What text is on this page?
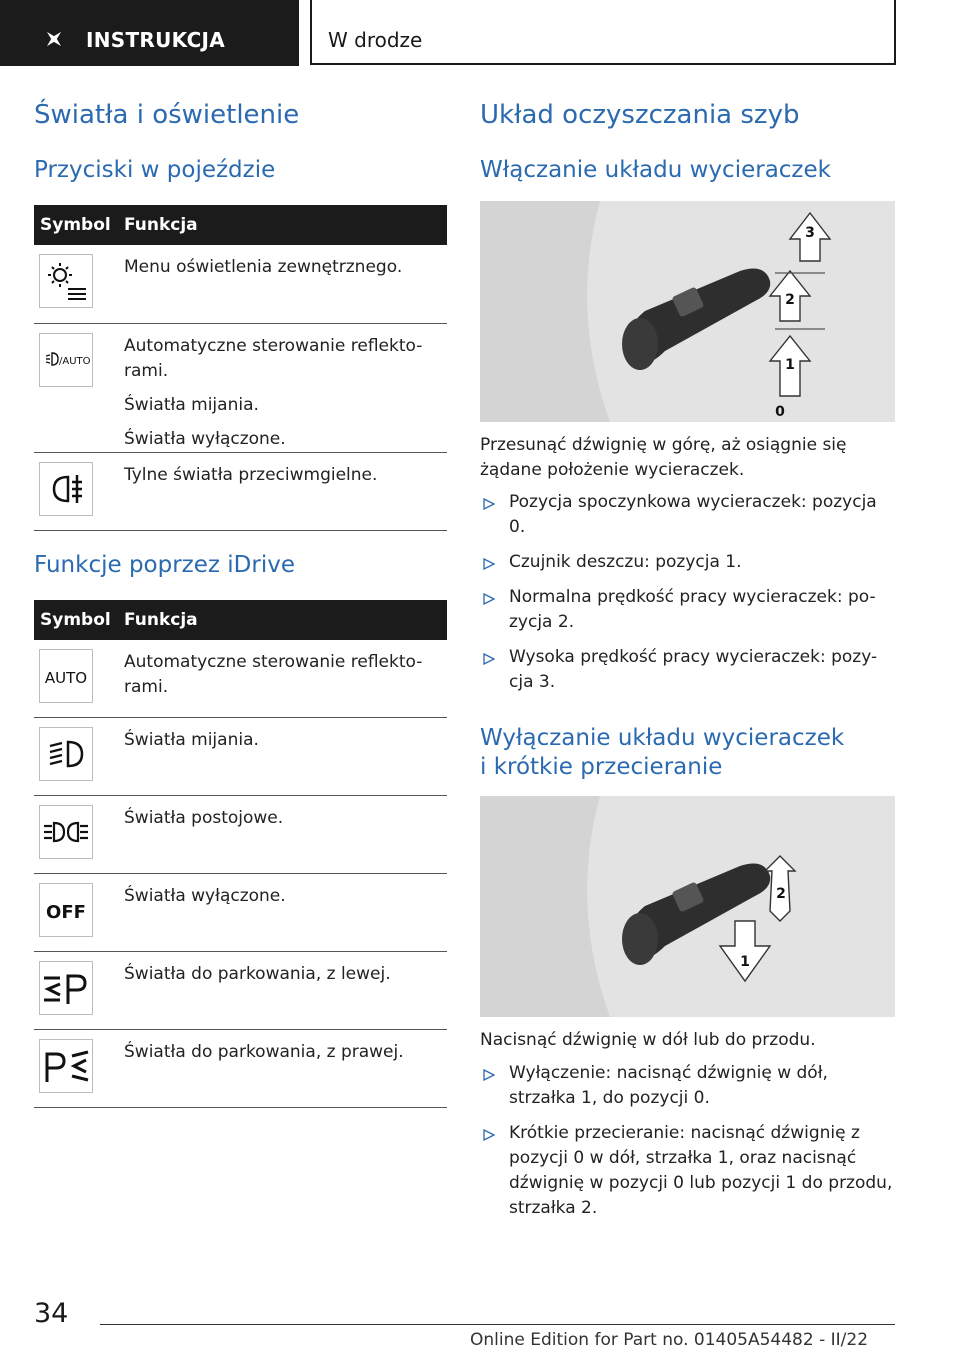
INSTRUKCJA	W drodze
Światła i oświetlenie
Przyciski w pojeździe
Symbol Funkcja

Menu oświetlenia zewnętrznego.

/AUTO

Automatyczne sterowanie reflekto-rami.

Światła mijania.

Światła wyłączone.

Tylne światła przeciwmgielne.

Funkcje poprzez iDrive
Symbol Funkcja
AUTO

Automatyczne sterowanie reflekto-rami.

Światła mijania.

Światła postojowe.

OFF

Światła wyłączone.

Światła do parkowania, z lewej.

Światła do parkowania, z prawej.

Układ oczyszczania szyb
Włączanie układu wycieraczek
3
2
1
0

Przesunąć dźwignię w górę, aż osiągnie się żądane położenie wycieraczek.

Pozycja spoczynkowa wycieraczek: pozycja 0.
Czujnik deszczu: pozycja 1.
Normalna prędkość pracy wycieraczek: po-zycja 2.
Wysoka prędkość pracy wycieraczek: pozy-cja 3.
Wyłączanie układu wycieraczek
i krótkie przecieranie
1
2

Nacisnąć dźwignię w dół lub do przodu.

Wyłączenie: nacisnąć dźwignię w dół, strzałka 1, do pozycji 0.
Krótkie przecieranie: nacisnąć dźwignię z pozycji 0 w dół, strzałka 1, oraz nacisnąć dźwignię w pozycji 0 lub pozycji 1 do przodu, strzałka 2.
34
Online Edition for Part no. 01405A54482 - II/22
